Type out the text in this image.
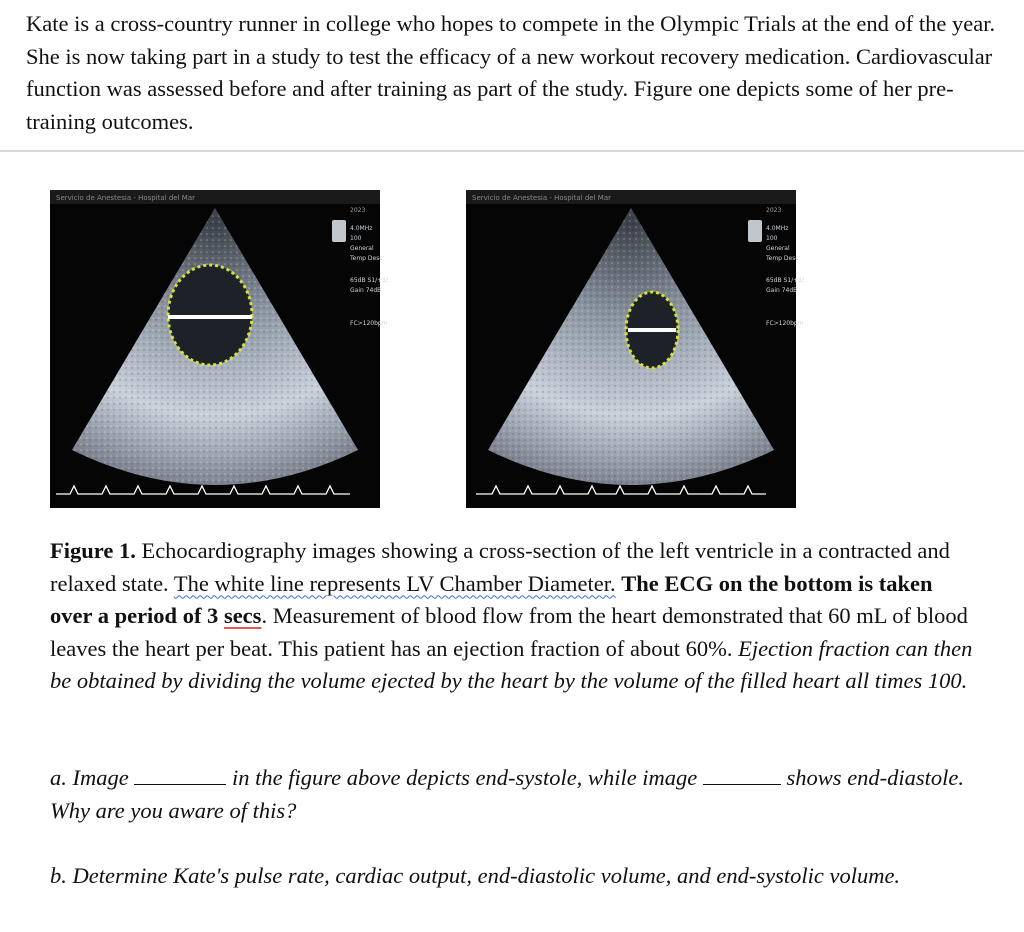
Kate is a cross-country runner in college who hopes to compete in the Olympic Trials at the end of the year. She is now taking part in a study to test the efficacy of a new workout recovery medication. Cardiovascular function was assessed before and after training as part of the study. Figure one depicts some of her pre-training outcomes.

Servicio de Anestesia - Hospital del Mar
2023
4.0MHz
100
General
Temp Desc.
65dB S1/+1/
Gain 74dB
FC>120bpm
Servicio de Anestesia - Hospital del Mar
2023
4.0MHz
100
General
Temp Desc.
65dB S1/+1/
Gain 74dB
FC>120bpm

Figure 1. Echocardiography images showing a cross-section of the left ventricle in a contracted and relaxed state. The white line represents LV Chamber Diameter. The ECG on the bottom is taken over a period of 3 secs. Measurement of blood flow from the heart demonstrated that 60 mL of blood leaves the heart per beat. This patient has an ejection fraction of about 60%. Ejection fraction can then be obtained by dividing the volume ejected by the heart by the volume of the filled heart all times 100.

a. Image	in the figure above depicts end-systole, while image	shows end-diastole. Why are you aware of this?

b. Determine Kate's pulse rate, cardiac output, end-diastolic volume, and end-systolic volume.
